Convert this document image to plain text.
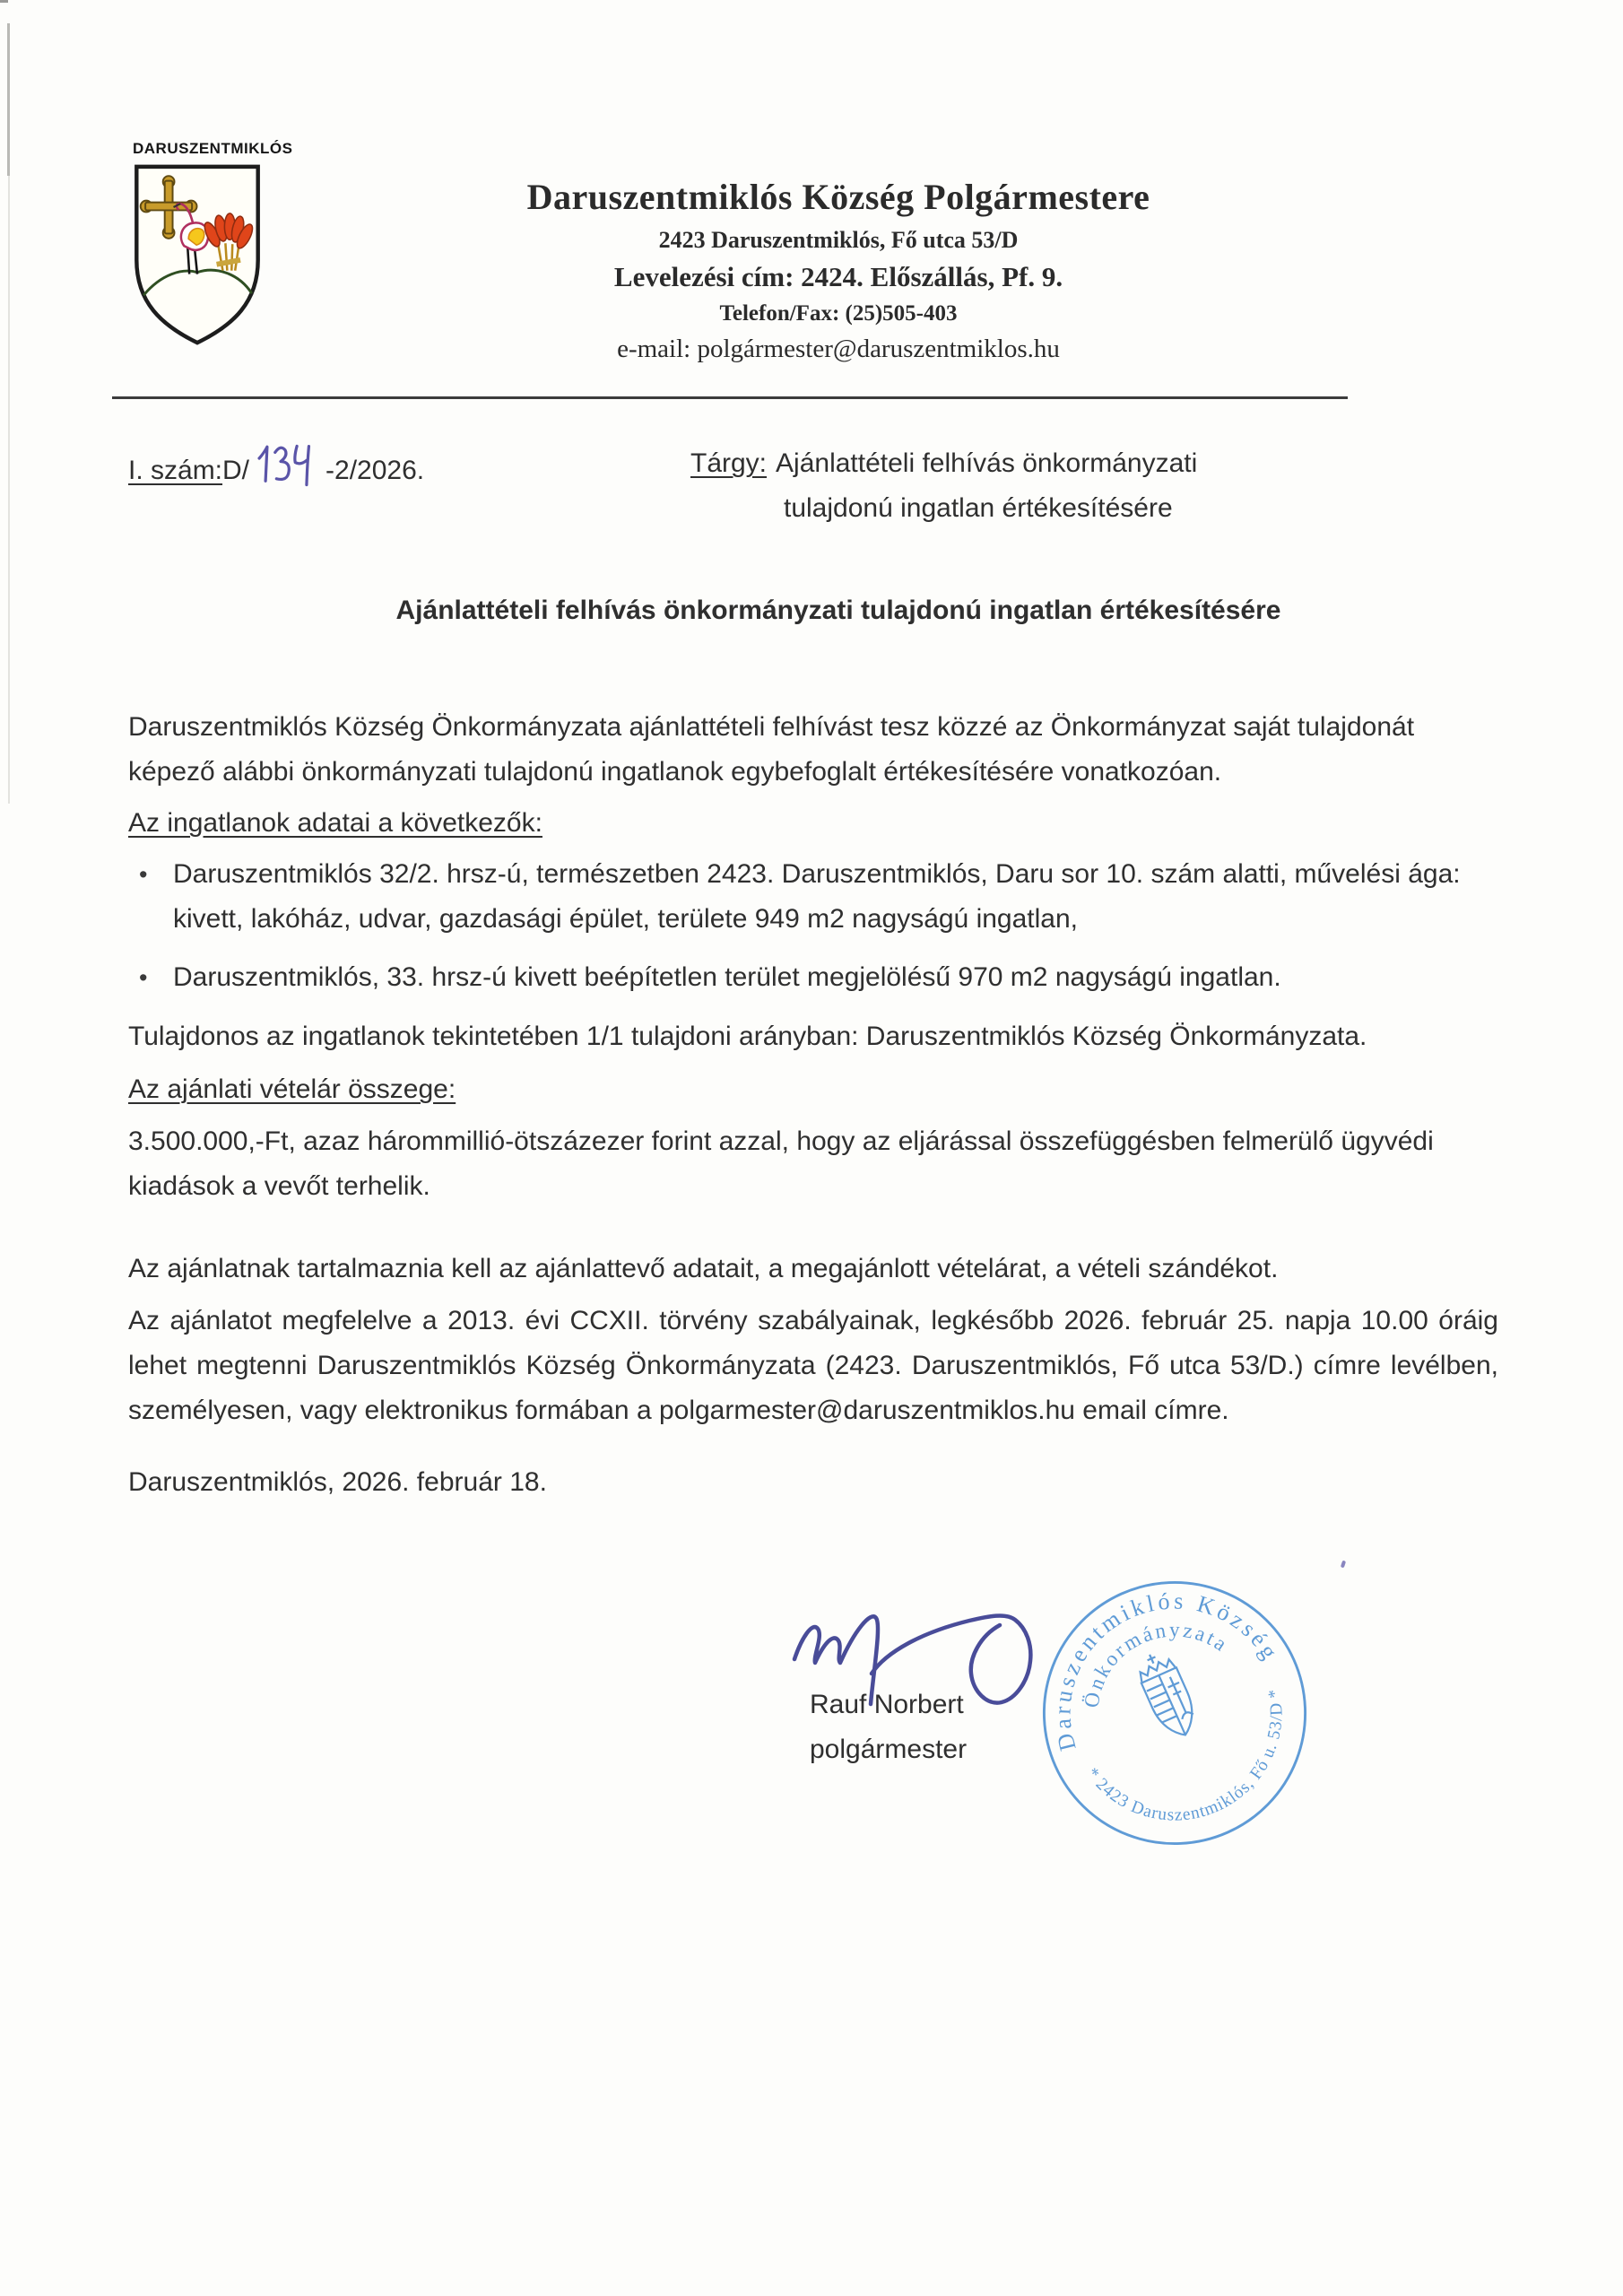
DARUSZENTMIKLÓS
Daruszentmiklós Község Polgármestere
2423 Daruszentmiklós, Fő utca 53/D
Levelezési cím: 2424. Előszállás, Pf. 9.
Telefon/Fax: (25)505-403
e-mail: polgármester@daruszentmiklos.hu
I. szám:D/	-2/2026.	Tárgy: Ajánlattételi felhívás önkormányzati
tulajdonú ingatlan értékesítésére
Ajánlattételi felhívás önkormányzati tulajdonú ingatlan értékesítésére

Daruszentmiklós Község Önkormányzata ajánlattételi felhívást tesz közzé az Önkormányzat saját tulajdonát képező alábbi önkormányzati tulajdonú ingatlanok egybefoglalt értékesítésére vonatkozóan.

Az ingatlanok adatai a következők:

• Daruszentmiklós 32/2. hrsz-ú, természetben 2423. Daruszentmiklós, Daru sor 10. szám alatti, művelési ága: kivett, lakóház, udvar, gazdasági épület, területe 949 m2 nagyságú ingatlan,
• Daruszentmiklós, 33. hrsz-ú kivett beépítetlen terület megjelölésű 970 m2 nagyságú ingatlan.

Tulajdonos az ingatlanok tekintetében 1/1 tulajdoni arányban: Daruszentmiklós Község Önkormányzata.

Az ajánlati vételár összege:

3.500.000,-Ft, azaz hárommillió-ötszázezer forint azzal, hogy az eljárással összefüggésben felmerülő ügyvédi kiadások a vevőt terhelik.

Az ajánlatnak tartalmaznia kell az ajánlattevő adatait, a megajánlott vételárat, a vételi szándékot.

Az ajánlatot megfelelve a 2013. évi CCXII. törvény szabályainak, legkésőbb 2026. február 25. napja 10.00 óráig lehet megtenni Daruszentmiklós Község Önkormányzata (2423. Daruszentmiklós, Fő utca 53/D.) címre levélben, személyesen, vagy elektronikus formában a polgarmester@daruszentmiklos.hu email címre.

Daruszentmiklós, 2026. február 18.

Daruszentmiklós Község
Önkormányzata
* 2423 Daruszentmiklós, Fő u. 53/D *
Rauf Norbert
polgármester
